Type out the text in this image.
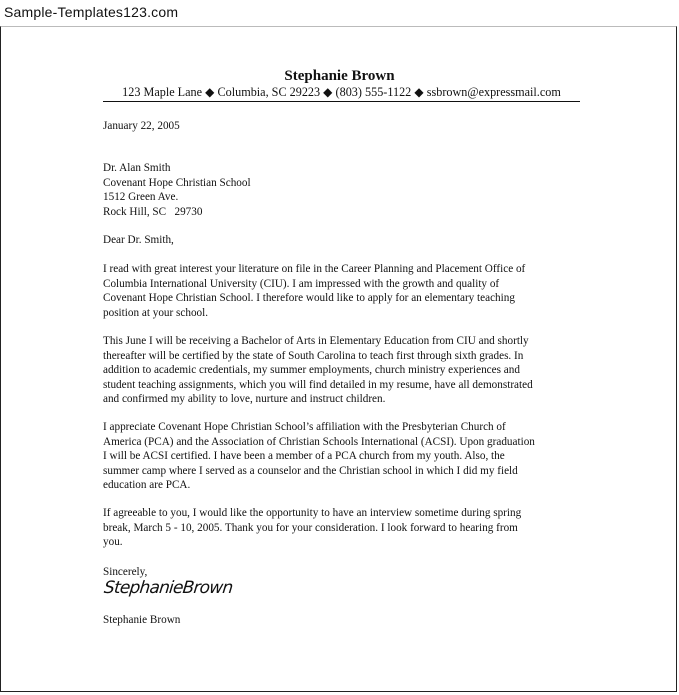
Sample-Templates123.com
Stephanie Brown
123 Maple Lane ◆ Columbia, SC 29223 ◆ (803) 555-1122 ◆ ssbrown@expressmail.com
January 22, 2005
Dr. Alan Smith
Covenant Hope Christian School
1512 Green Ave.
Rock Hill, SC   29730
Dear Dr. Smith,
I read with great interest your literature on file in the Career Planning and Placement Office of
Columbia International University (CIU). I am impressed with the growth and quality of
Covenant Hope Christian School. I therefore would like to apply for an elementary teaching
position at your school.
This June I will be receiving a Bachelor of Arts in Elementary Education from CIU and shortly
thereafter will be certified by the state of South Carolina to teach first through sixth grades. In
addition to academic credentials, my summer employments, church ministry experiences and
student teaching assignments, which you will find detailed in my resume, have all demonstrated
and confirmed my ability to love, nurture and instruct children.
I appreciate Covenant Hope Christian School’s affiliation with the Presbyterian Church of
America (PCA) and the Association of Christian Schools International (ACSI). Upon graduation
I will be ACSI certified. I have been a member of a PCA church from my youth. Also, the
summer camp where I served as a counselor and the Christian school in which I did my field
education are PCA.
If agreeable to you, I would like the opportunity to have an interview sometime during spring
break, March 5 - 10, 2005. Thank you for your consideration. I look forward to hearing from
you.
Sincerely,
StephanieBrown
Stephanie Brown
